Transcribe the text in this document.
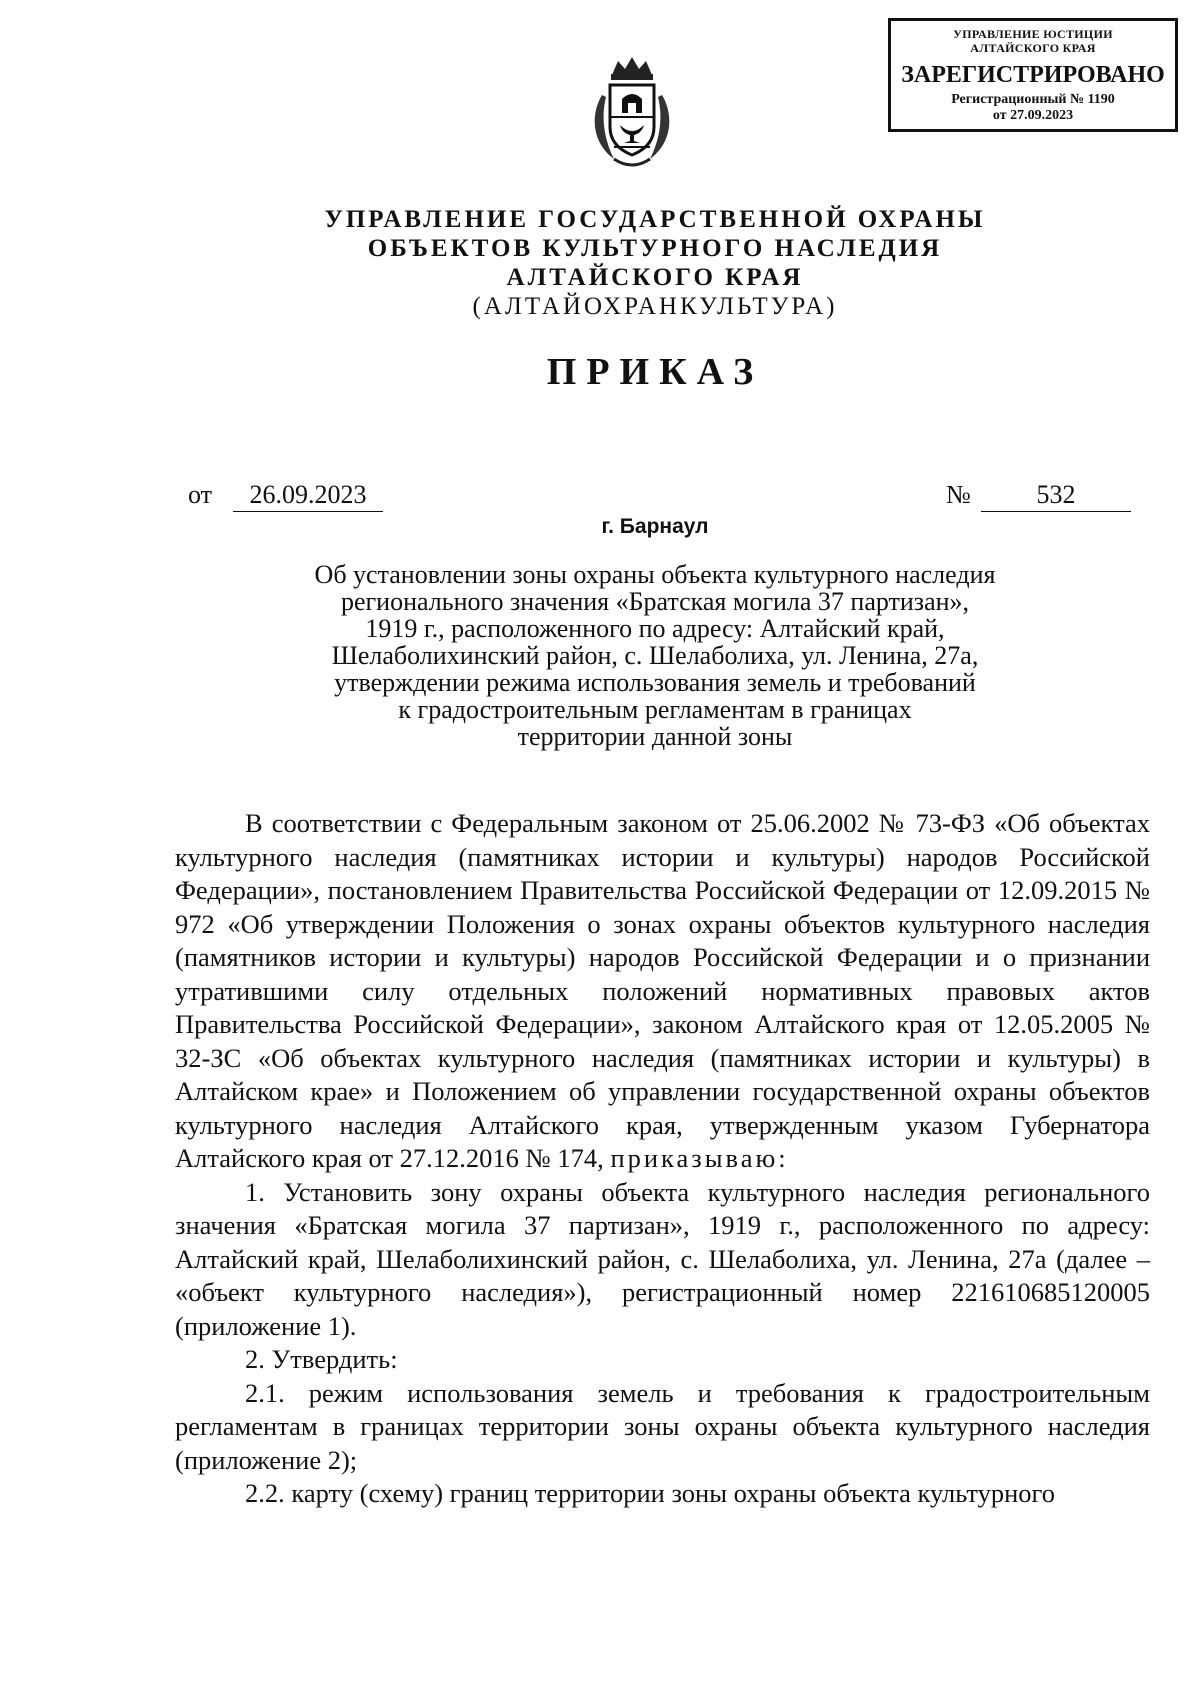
УПРАВЛЕНИЕ ЮСТИЦИИ
АЛТАЙСКОГО КРАЯ
ЗАРЕГИСТРИРОВАНО
Регистрационный № 1190
от 27.09.2023
УПРАВЛЕНИЕ ГОСУДАРСТВЕННОЙ ОХРАНЫ
ОБЪЕКТОВ КУЛЬТУРНОГО НАСЛЕДИЯ
АЛТАЙСКОГО КРАЯ
(АЛТАЙОХРАНКУЛЬТУРА)
ПРИКАЗ
от	26.09.2023	№	532
г. Барнаул
Об установлении зоны охраны объекта культурного наследия
регионального значения «Братская могила 37 партизан»,
1919 г., расположенного по адресу: Алтайский край,
Шелаболихинский район, с. Шелаболиха, ул. Ленина, 27а,
утверждении режима использования земель и требований
к градостроительным регламентам в границах
территории данной зоны

В соответствии с Федеральным законом от 25.06.2002 № 73-ФЗ «Об объектах культурного наследия (памятниках истории и культуры) народов Российской Федерации», постановлением Правительства Российской Федерации от 12.09.2015 № 972 «Об утверждении Положения о зонах охраны объектов культурного наследия (памятников истории и культуры) народов Российской Федерации и о признании утратившими силу отдельных положений нормативных правовых актов Правительства Российской Федерации», законом Алтайского края от 12.05.2005 № 32-ЗС «Об объектах культурного наследия (памятниках истории и культуры) в Алтайском крае» и Положением об управлении государственной охраны объектов культурного наследия Алтайского края, утвержденным указом Губернатора Алтайского края от 27.12.2016 № 174, приказываю:

1. Установить зону охраны объекта культурного наследия регионального значения «Братская могила 37 партизан», 1919 г., расположенного по адресу: Алтайский край, Шелаболихинский район, с. Шелаболиха, ул. Ленина, 27а (далее – «объект культурного наследия»), регистрационный номер 221610685120005 (приложение 1).

2. Утвердить:

2.1. режим использования земель и требования к градостроительным регламентам в границах территории зоны охраны объекта культурного наследия (приложение 2);

2.2. карту (схему) границ территории зоны охраны объекта культурного
